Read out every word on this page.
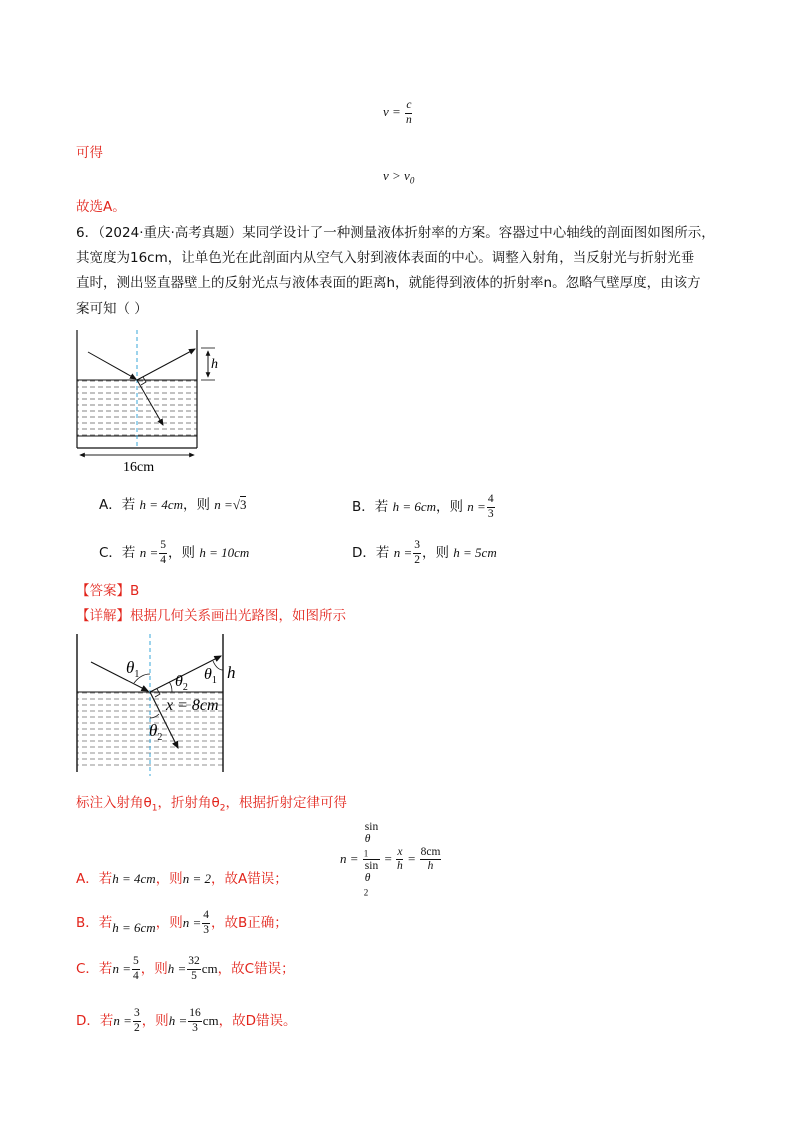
$v = \frac{c}{n}$
可得
$v > v_0$
故选A。
6．（2024·重庆·高考真题）某同学设计了一种测量液体折射率的方案。容器过中心轴线的剖面图如图所示，
其宽度为16cm，让单色光在此剖面内从空气入射到液体表面的中心。调整入射角，当反射光与折射光垂
直时，测出竖直器壁上的反射光点与液体表面的距离h，就能得到液体的折射率n。忽略气壁厚度，由该方
案可知（ ）
h
16cm
A．若 h = 4cm，则 n =√3	B．若 h = 6cm，则 $n = \frac{4}{3}$
C．若 $n = \frac{5}{4}$ ，则 h = 10cm	D．若 $n = \frac{3}{2}$ ，则 h = 5cm
【答案】B
【详解】根据几何关系画出光路图，如图所示
$\theta_1$ $\theta_2$
$\theta_1$
$\theta_2$
h
x = 8cm
标注入射角$\theta_1$，折射角$\theta_2$，根据折射定律可得
n = sin
θ
$_1$
sin
θ
$_2 = \frac{x}{h} = \frac{8cm}{h}$
A．若h = 4cm，则n = 2，故A错误；
B．若h = 6cm，则$n = \frac{4}{3}$ ，故B正确；
C．若$n = \frac{5}{4}$ ，则$h = \frac{32}{5}$ cm，故C错误；
D．若$n = \frac{3}{2}$ ，则$h = \frac{16}{3}$ cm，故D错误。
